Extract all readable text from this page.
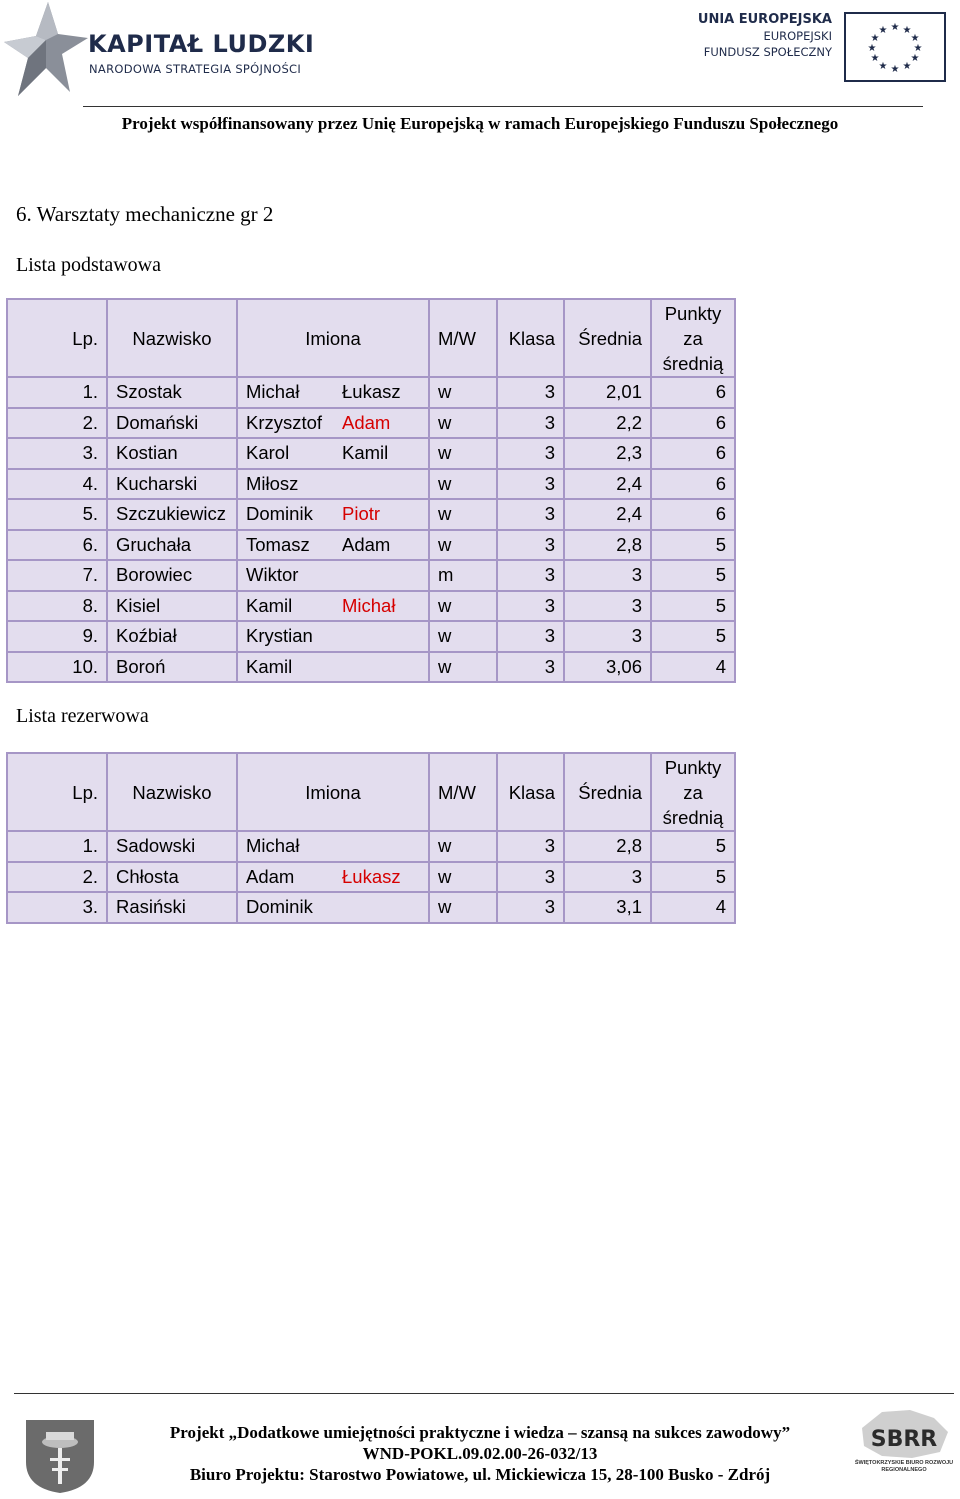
KAPITAŁ LUDZKI
NARODOWA STRATEGIA SPÓJNOŚCI
UNIA EUROPEJSKA
EUROPEJSKI
FUNDUSZ SPOŁECZNY
★ ★
★
★
★
★
★
★
★
★
★
★
Projekt współfinansowany przez Unię Europejską w ramach Europejskiego Funduszu Społecznego
6. Warsztaty mechaniczne gr 2
Lista podstawowa
Lp.	Nazwisko	Imiona		M/W	Klasa	Średnia	Punkty
za
średnią

1.	Szostak	Michał	Łukasz	w	3	2,01	6
2.	Domański	Krzysztof	Adam	w	3	2,2	6
3.	Kostian	Karol	Kamil	w	3	2,3	6
4.	Kucharski	Miłosz		w	3	2,4	6
5.	Szczukiewicz	Dominik	Piotr	w	3	2,4	6
6.	Gruchała	Tomasz	Adam	w	3	2,8	5
7.	Borowiec	Wiktor		m	3	3	5
8.	Kisiel	Kamil	Michał	w	3	3	5
9.	Koźbiał	Krystian		w	3	3	5
10.	Boroń	Kamil		w	3	3,06	4
Lista rezerwowa
Lp.	Nazwisko	Imiona		M/W	Klasa	Średnia	Punkty
za
średnią

1.	Sadowski	Michał		w	3	2,8	5
2.	Chłosta	Adam	Łukasz	w	3	3	5
3.	Rasiński	Dominik		w	3	3,1	4
Projekt „Dodatkowe umiejętności praktyczne i wiedza – szansą na sukces zawodowy”
WND-POKL.09.02.00-26-032/13
Biuro Projektu: Starostwo Powiatowe, ul. Mickiewicza 15, 28-100 Busko - Zdrój
SBRR
ŚWIĘTOKRZYSKIE BIURO ROZWOJU REGIONALNEGO
